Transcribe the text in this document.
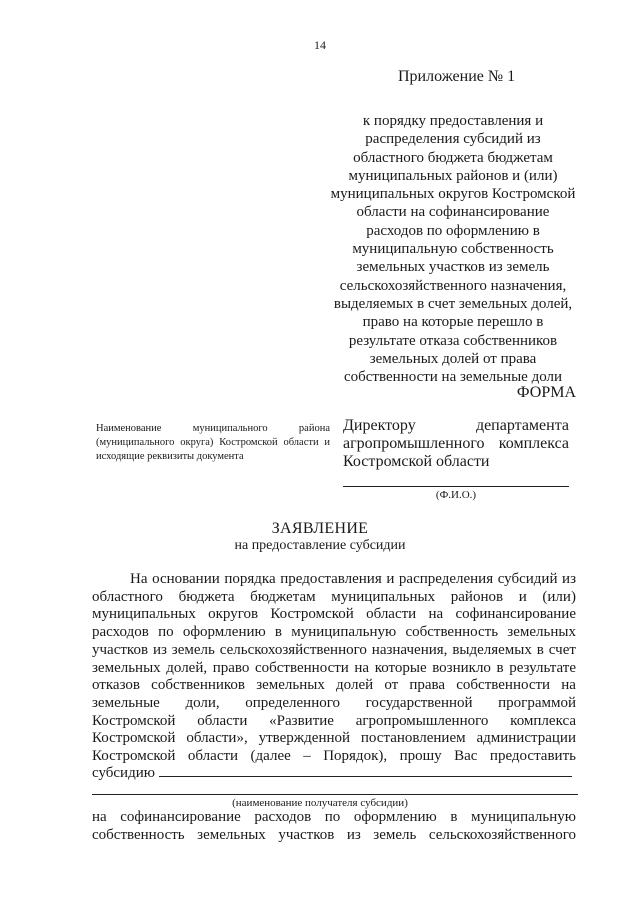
14
Приложение № 1
к порядку предоставления и
распределения субсидий из
областного бюджета бюджетам
муниципальных районов и (или)
муниципальных округов Костромской
области на софинансирование
расходов по оформлению в
муниципальную собственность
земельных участков из земель
сельскохозяйственного назначения,
выделяемых в счет земельных долей,
право на которые перешло в
результате отказа собственников
земельных долей от права
собственности на земельные доли
ФОРМА
Наименование муниципального района (муниципального округа) Костромской области и исходящие реквизиты документа
Директору	департамента
агропромышленного комплекса
Костромской области
(Ф.И.О.)
ЗАЯВЛЕНИЕ
на предоставление субсидии
На основании порядка предоставления и распределения субсидий из
областного бюджета бюджетам муниципальных районов и (или)
муниципальных округов Костромской области на софинансирование
расходов по оформлению в муниципальную собственность земельных
участков из земель сельскохозяйственного назначения, выделяемых в счет
земельных долей, право собственности на которые возникло в результате
отказов собственников земельных долей от права собственности на
земельные доли, определенного государственной программой
Костромской области «Развитие агропромышленного комплекса
Костромской области», утвержденной постановлением администрации
Костромской области (далее – Порядок), прошу Вас предоставить
субсидию
(наименование получателя субсидии)
на софинансирование расходов по оформлению в муниципальную
собственность земельных участков из земель сельскохозяйственного
